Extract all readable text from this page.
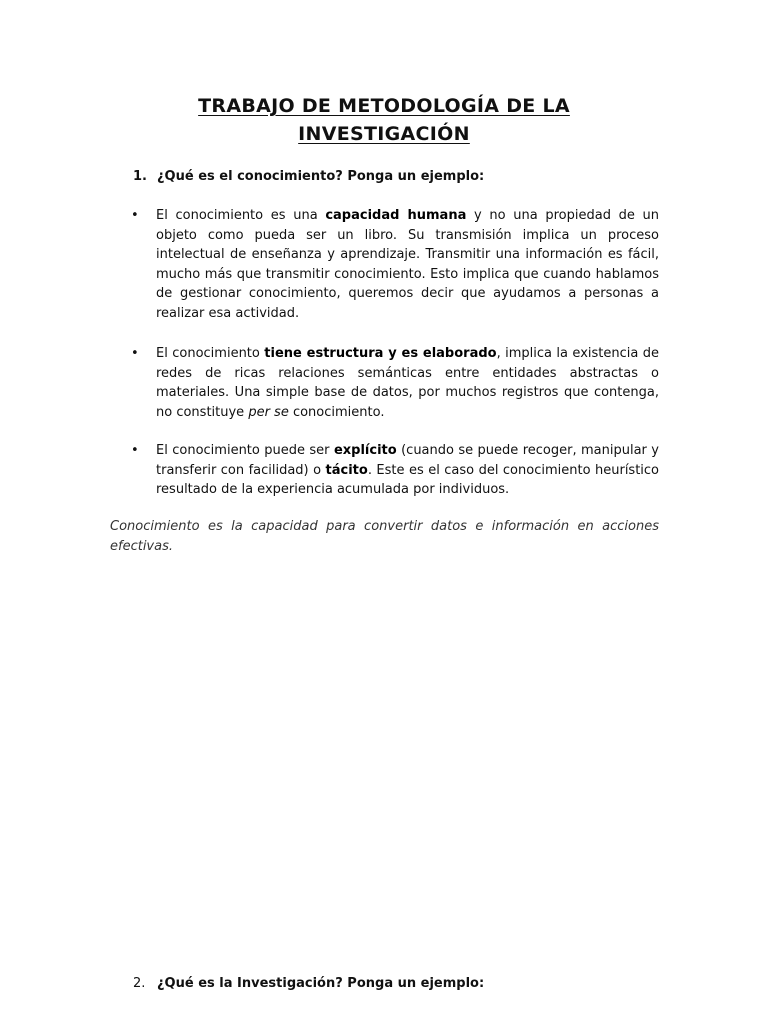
TRABAJO DE METODOLOGÍA DE LA
INVESTIGACIÓN
1. ¿Qué es el conocimiento? Ponga un ejemplo:
• El conocimiento es una capacidad humana y no una propiedad de un objeto como pueda ser un libro. Su transmisión implica un proceso intelectual de enseñanza y aprendizaje. Transmitir una información es fácil, mucho más que transmitir conocimiento. Esto implica que cuando hablamos de gestionar conocimiento, queremos decir que ayudamos a personas a realizar esa actividad.
• El conocimiento tiene estructura y es elaborado, implica la existencia de redes de ricas relaciones semánticas entre entidades abstractas o materiales. Una simple base de datos, por muchos registros que contenga, no constituye per se conocimiento.
• El conocimiento puede ser explícito (cuando se puede recoger, manipular y transferir con facilidad) o tácito. Este es el caso del conocimiento heurístico resultado de la experiencia acumulada por individuos.
Conocimiento es la capacidad para convertir datos e información en acciones efectivas.
2. ¿Qué es la Investigación? Ponga un ejemplo:
